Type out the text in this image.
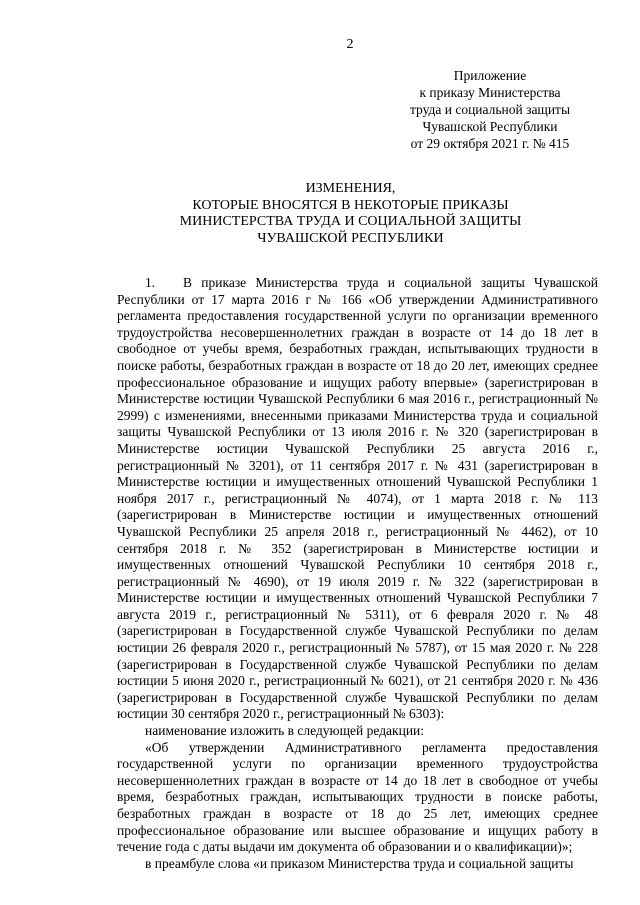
2
Приложение
к приказу Министерства
труда и социальной защиты
Чувашской Республики
от 29 октября 2021 г. № 415
ИЗМЕНЕНИЯ,
КОТОРЫЕ ВНОСЯТСЯ В НЕКОТОРЫЕ ПРИКАЗЫ
МИНИСТЕРСТВА ТРУДА И СОЦИАЛЬНОЙ ЗАЩИТЫ
ЧУВАШСКОЙ РЕСПУБЛИКИ

1. В приказе Министерства труда и социальной защиты Чувашской Республики от 17 марта 2016 г № 166 «Об утверждении Административного регламента предоставления государственной услуги по организации временного трудоустройства несовершеннолетних граждан в возрасте от 14 до 18 лет в свободное от учебы время, безработных граждан, испытывающих трудности в поиске работы, безработных граждан в возрасте от 18 до 20 лет, имеющих среднее профессиональное образование и ищущих работу впервые» (зарегистрирован в Министерстве юстиции Чувашской Республики 6 мая 2016 г., регистрационный № 2999) с изменениями, внесенными приказами Министерства труда и социальной защиты Чувашской Республики от 13 июля 2016 г. № 320 (зарегистрирован в Министерстве юстиции Чувашской Республики 25 августа 2016 г., регистрационный № 3201), от 11 сентября 2017 г. № 431 (зарегистрирован в Министерстве юстиции и имущественных отношений Чувашской Республики 1 ноября 2017 г., регистрационный № 4074), от 1 марта 2018 г. № 113 (зарегистрирован в Министерстве юстиции и имущественных отношений Чувашской Республики 25 апреля 2018 г., регистрационный № 4462), от 10 сентября 2018 г. № 352 (зарегистрирован в Министерстве юстиции и имущественных отношений Чувашской Республики 10 сентября 2018 г., регистрационный № 4690), от 19 июля 2019 г. № 322 (зарегистрирован в Министерстве юстиции и имущественных отношений Чувашской Республики 7 августа 2019 г., регистрационный № 5311), от 6 февраля 2020 г. № 48 (зарегистрирован в Государственной службе Чувашской Республики по делам юстиции 26 февраля 2020 г., регистрационный № 5787), от 15 мая 2020 г. № 228 (зарегистрирован в Государственной службе Чувашской Республики по делам юстиции 5 июня 2020 г., регистрационный № 6021), от 21 сентября 2020 г. № 436 (зарегистрирован в Государственной службе Чувашской Республики по делам юстиции 30 сентября 2020 г., регистрационный № 6303):

наименование изложить в следующей редакции:

«Об утверждении Административного регламента предоставления государственной услуги по организации временного трудоустройства несовершеннолетних граждан в возрасте от 14 до 18 лет в свободное от учебы время, безработных граждан, испытывающих трудности в поиске работы, безработных граждан в возрасте от 18 до 25 лет, имеющих среднее профессиональное образование или высшее образование и ищущих работу в течение года с даты выдачи им документа об образовании и о квалификации)»;

в преамбуле слова «и приказом Министерства труда и социальной защиты
